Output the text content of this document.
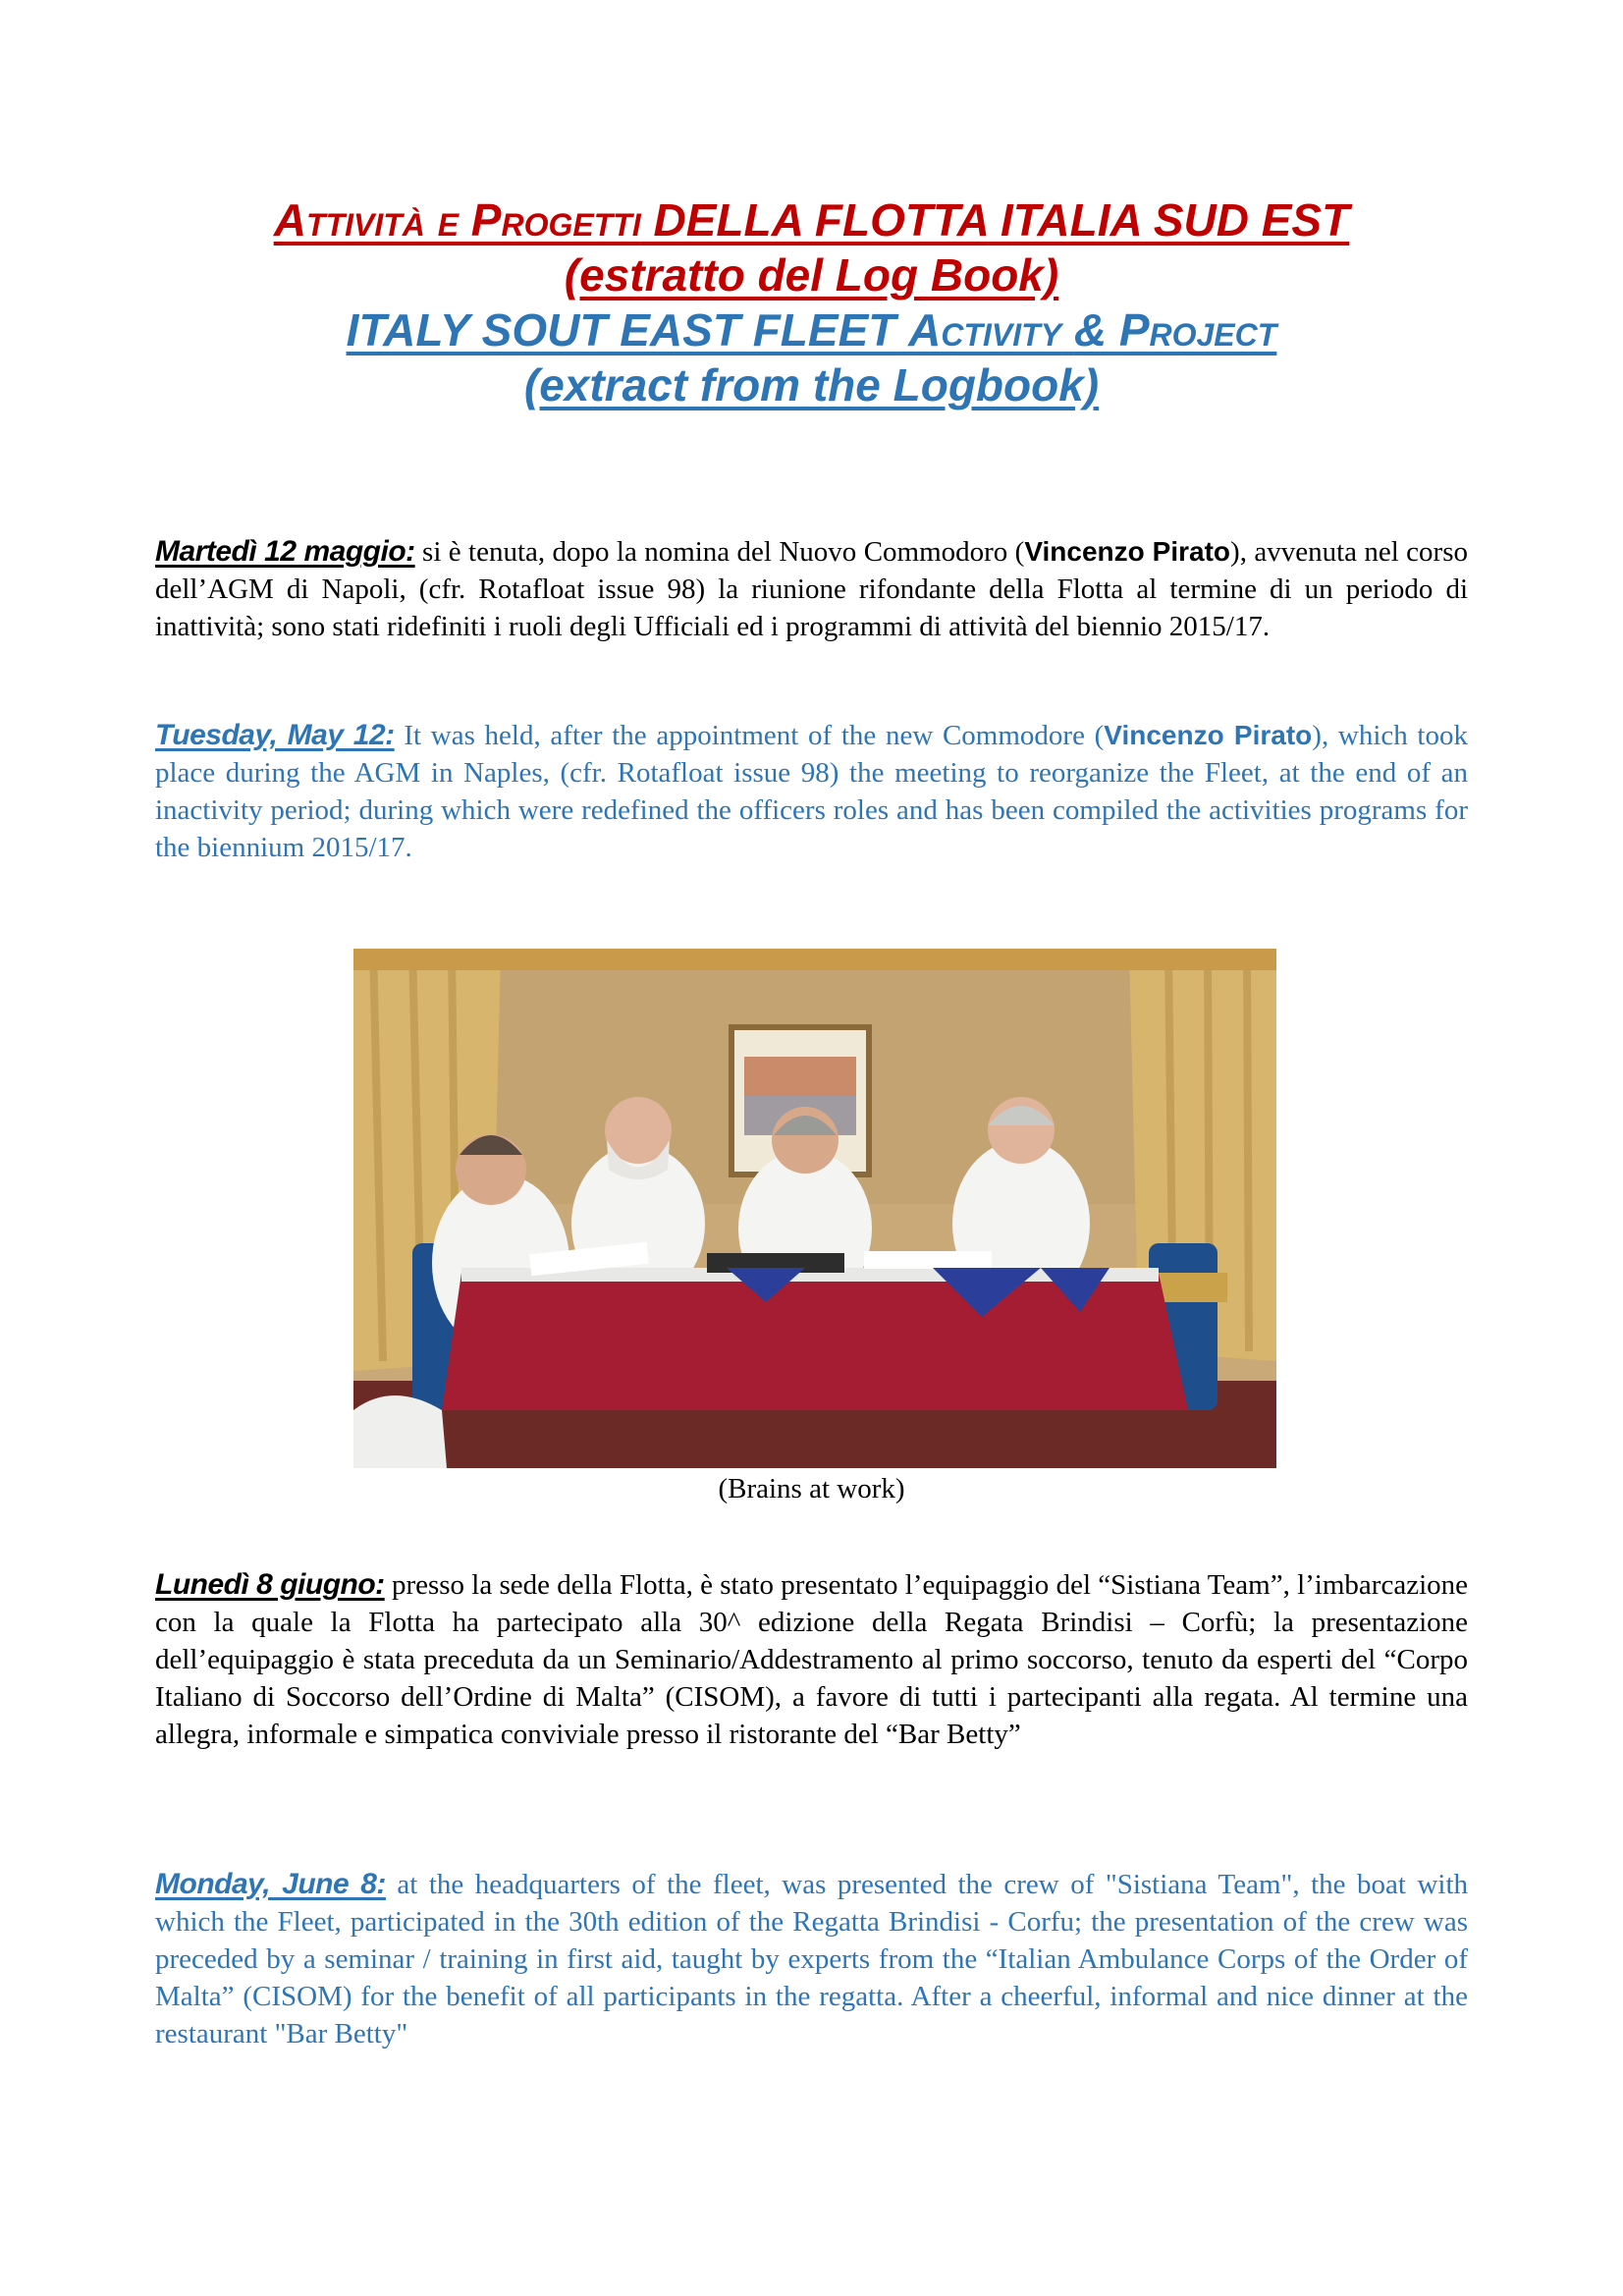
Attività e Progetti DELLA FLOTTA ITALIA SUD EST
(estratto del Log Book)
ITALY SOUT EAST FLEET Activity & Project
(extract from the Logbook)

Martedì 12 maggio: si è tenuta, dopo la nomina del Nuovo Commodoro (Vincenzo Pirato), avvenuta nel corso dell’AGM di Napoli, (cfr. Rotafloat issue 98) la riunione rifondante della Flotta al termine di un periodo di inattività; sono stati ridefiniti i ruoli degli Ufficiali ed i programmi di attività del biennio 2015/17.

Tuesday, May 12: It was held, after the appointment of the new Commodore (Vincenzo Pirato), which took place during the AGM in Naples, (cfr. Rotafloat issue 98) the meeting to reorganize the Fleet, at the end of an inactivity period; during which were redefined the officers roles and has been compiled the activities programs for the biennium 2015/17.

(Brains at work)

Lunedì 8 giugno: presso la sede della Flotta, è stato presentato l’equipaggio del “Sistiana Team”, l’imbarcazione con la quale la Flotta ha partecipato alla 30^ edizione della Regata Brindisi – Corfù; la presentazione dell’equipaggio è stata preceduta da un Seminario/Addestramento al primo soccorso, tenuto da esperti del “Corpo Italiano di Soccorso dell’Ordine di Malta” (CISOM), a favore di tutti i partecipanti alla regata. Al termine una allegra, informale e simpatica conviviale presso il ristorante del “Bar Betty”

Monday, June 8: at the headquarters of the fleet, was presented the crew of "Sistiana Team", the boat with which the Fleet, participated in the 30th edition of the Regatta Brindisi - Corfu; the presentation of the crew was preceded by a seminar / training in first aid, taught by experts from the “Italian Ambulance Corps of the Order of Malta” (CISOM) for the benefit of all participants in the regatta. After a cheerful, informal and nice dinner at the restaurant "Bar Betty"
